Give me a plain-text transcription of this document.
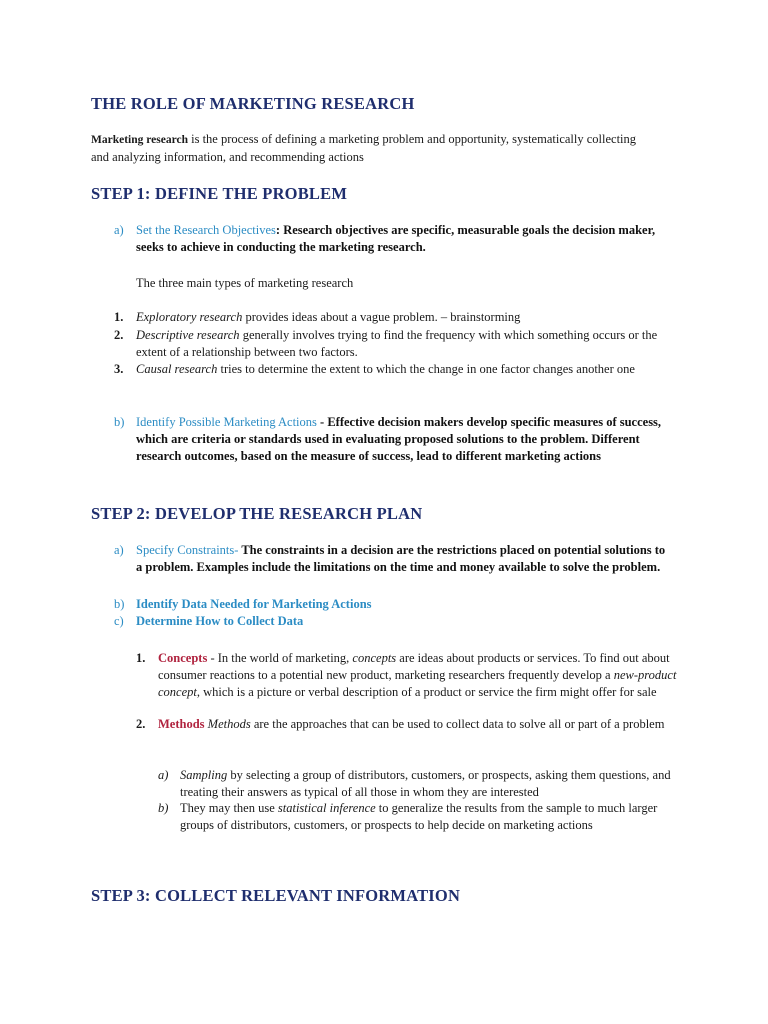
THE ROLE OF MARKETING RESEARCH
Marketing research is the process of defining a marketing problem and opportunity, systematically collecting and analyzing information, and recommending actions
STEP 1: DEFINE THE PROBLEM
a) Set the Research Objectives: Research objectives are specific, measurable goals the decision maker, seeks to achieve in conducting the marketing research.
The three main types of marketing research
1. Exploratory research provides ideas about a vague problem. – brainstorming
2. Descriptive research generally involves trying to find the frequency with which something occurs or the extent of a relationship between two factors.
3. Causal research tries to determine the extent to which the change in one factor changes another one
b) Identify Possible Marketing Actions - Effective decision makers develop specific measures of success, which are criteria or standards used in evaluating proposed solutions to the problem. Different research outcomes, based on the measure of success, lead to different marketing actions
STEP 2: DEVELOP THE RESEARCH PLAN
a) Specify Constraints- The constraints in a decision are the restrictions placed on potential solutions to a problem. Examples include the limitations on the time and money available to solve the problem.
b) Identify Data Needed for Marketing Actions
c) Determine How to Collect Data
1. Concepts - In the world of marketing, concepts are ideas about products or services. To find out about consumer reactions to a potential new product, marketing researchers frequently develop a new-product concept, which is a picture or verbal description of a product or service the firm might offer for sale
2. Methods Methods are the approaches that can be used to collect data to solve all or part of a problem
a) Sampling by selecting a group of distributors, customers, or prospects, asking them questions, and treating their answers as typical of all those in whom they are interested
b) They may then use statistical inference to generalize the results from the sample to much larger groups of distributors, customers, or prospects to help decide on marketing actions
STEP 3: COLLECT RELEVANT INFORMATION
